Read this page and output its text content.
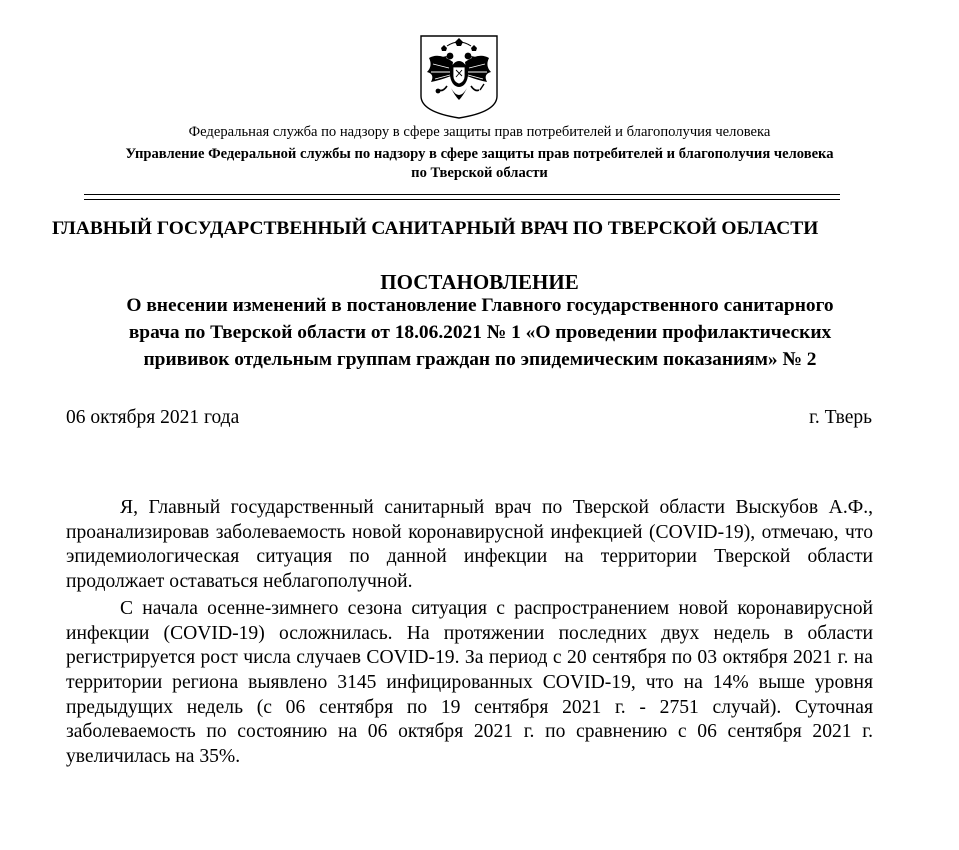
Федеральная служба по надзору в сфере защиты прав потребителей и благополучия человека
Управление Федеральной службы по надзору в сфере защиты прав потребителей и благополучия человека
по Тверской области
ГЛАВНЫЙ ГОСУДАРСТВЕННЫЙ САНИТАРНЫЙ ВРАЧ ПО ТВЕРСКОЙ ОБЛАСТИ
ПОСТАНОВЛЕНИЕ
О внесении изменений в постановление Главного государственного санитарного
врача по Тверской области от 18.06.2021 № 1 «О проведении профилактических
прививок отдельным группам граждан по эпидемическим показаниям» № 2
06 октября 2021 года	г. Тверь

Я, Главный государственный санитарный врач по Тверской области Выскубов А.Ф., проанализировав заболеваемость новой коронавирусной инфекцией (COVID-19), отмечаю, что эпидемиологическая ситуация по данной инфекции на территории Тверской области продолжает оставаться неблагополучной.

С начала осенне-зимнего сезона ситуация с распространением новой коронавирусной инфекции (COVID-19) осложнилась. На протяжении последних двух недель в области регистрируется рост числа случаев COVID-19. За период с 20 сентября по 03 октября 2021 г. на территории региона выявлено 3145 инфицированных COVID-19, что на 14% выше уровня предыдущих недель (с 06 сентября по 19 сентября 2021 г. - 2751 случай). Суточная заболеваемость по состоянию на 06 октября 2021 г. по сравнению с 06 сентября 2021 г. увеличилась на 35%.
